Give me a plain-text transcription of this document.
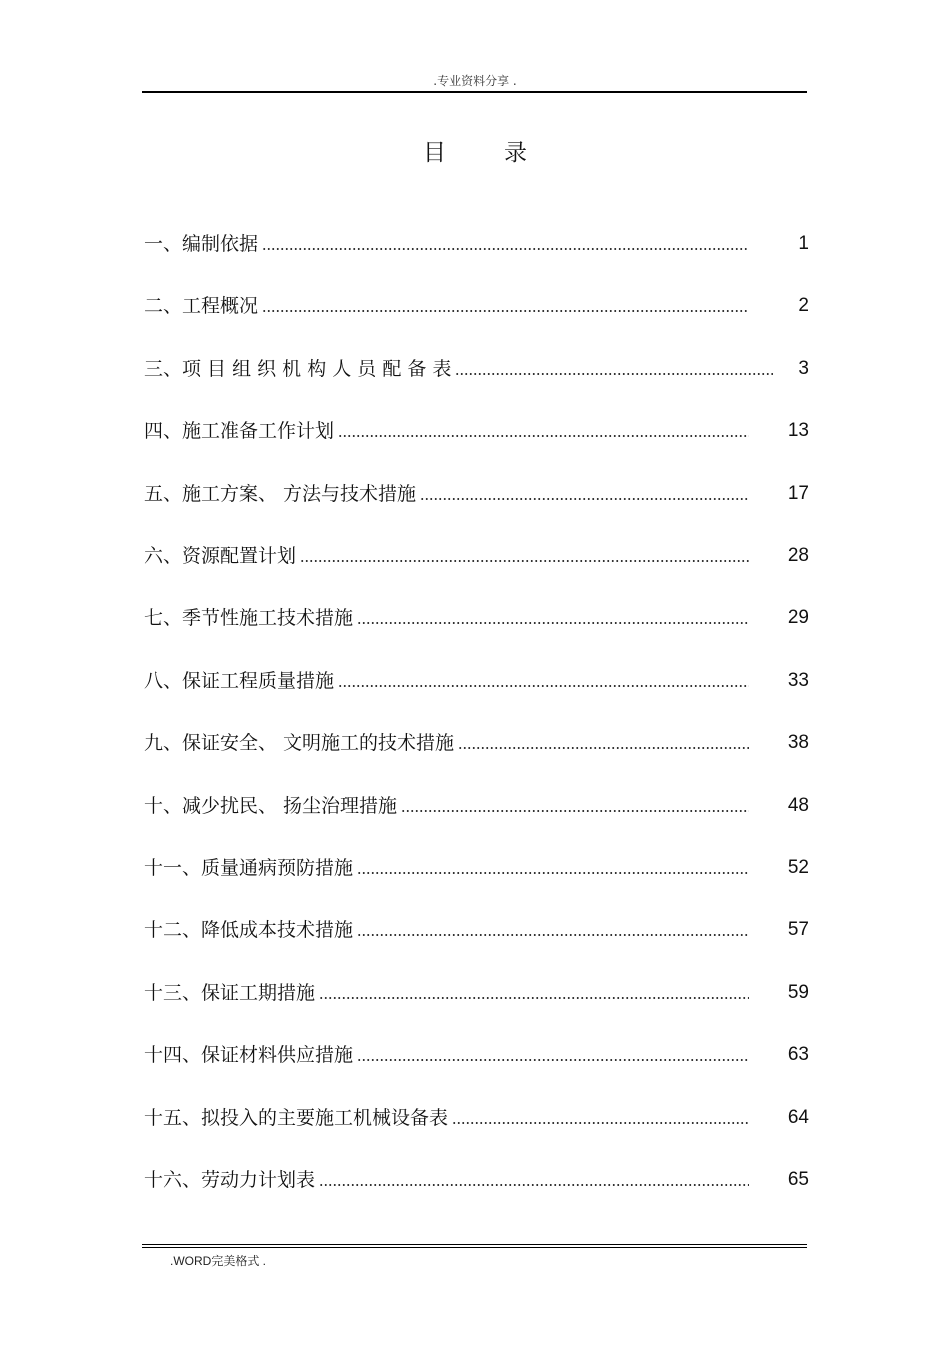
.专业资料分享 .
目录
一、编制依据	1
二、工程概况	2
三、项 目 组 织 机 构 人 员 配 备 表	3
四、施工准备工作计划	13
五、施工方案、 方法与技术措施	17
六、资源配置计划	28
七、季节性施工技术措施	29
八、保证工程质量措施	33
九、保证安全、 文明施工的技术措施	38
十、减少扰民、 扬尘治理措施	48
十一、质量通病预防措施	52
十二、降低成本技术措施	57
十三、保证工期措施	59
十四、保证材料供应措施	63
十五、拟投入的主要施工机械设备表	64
十六、劳动力计划表	65
.WORD完美格式 .
